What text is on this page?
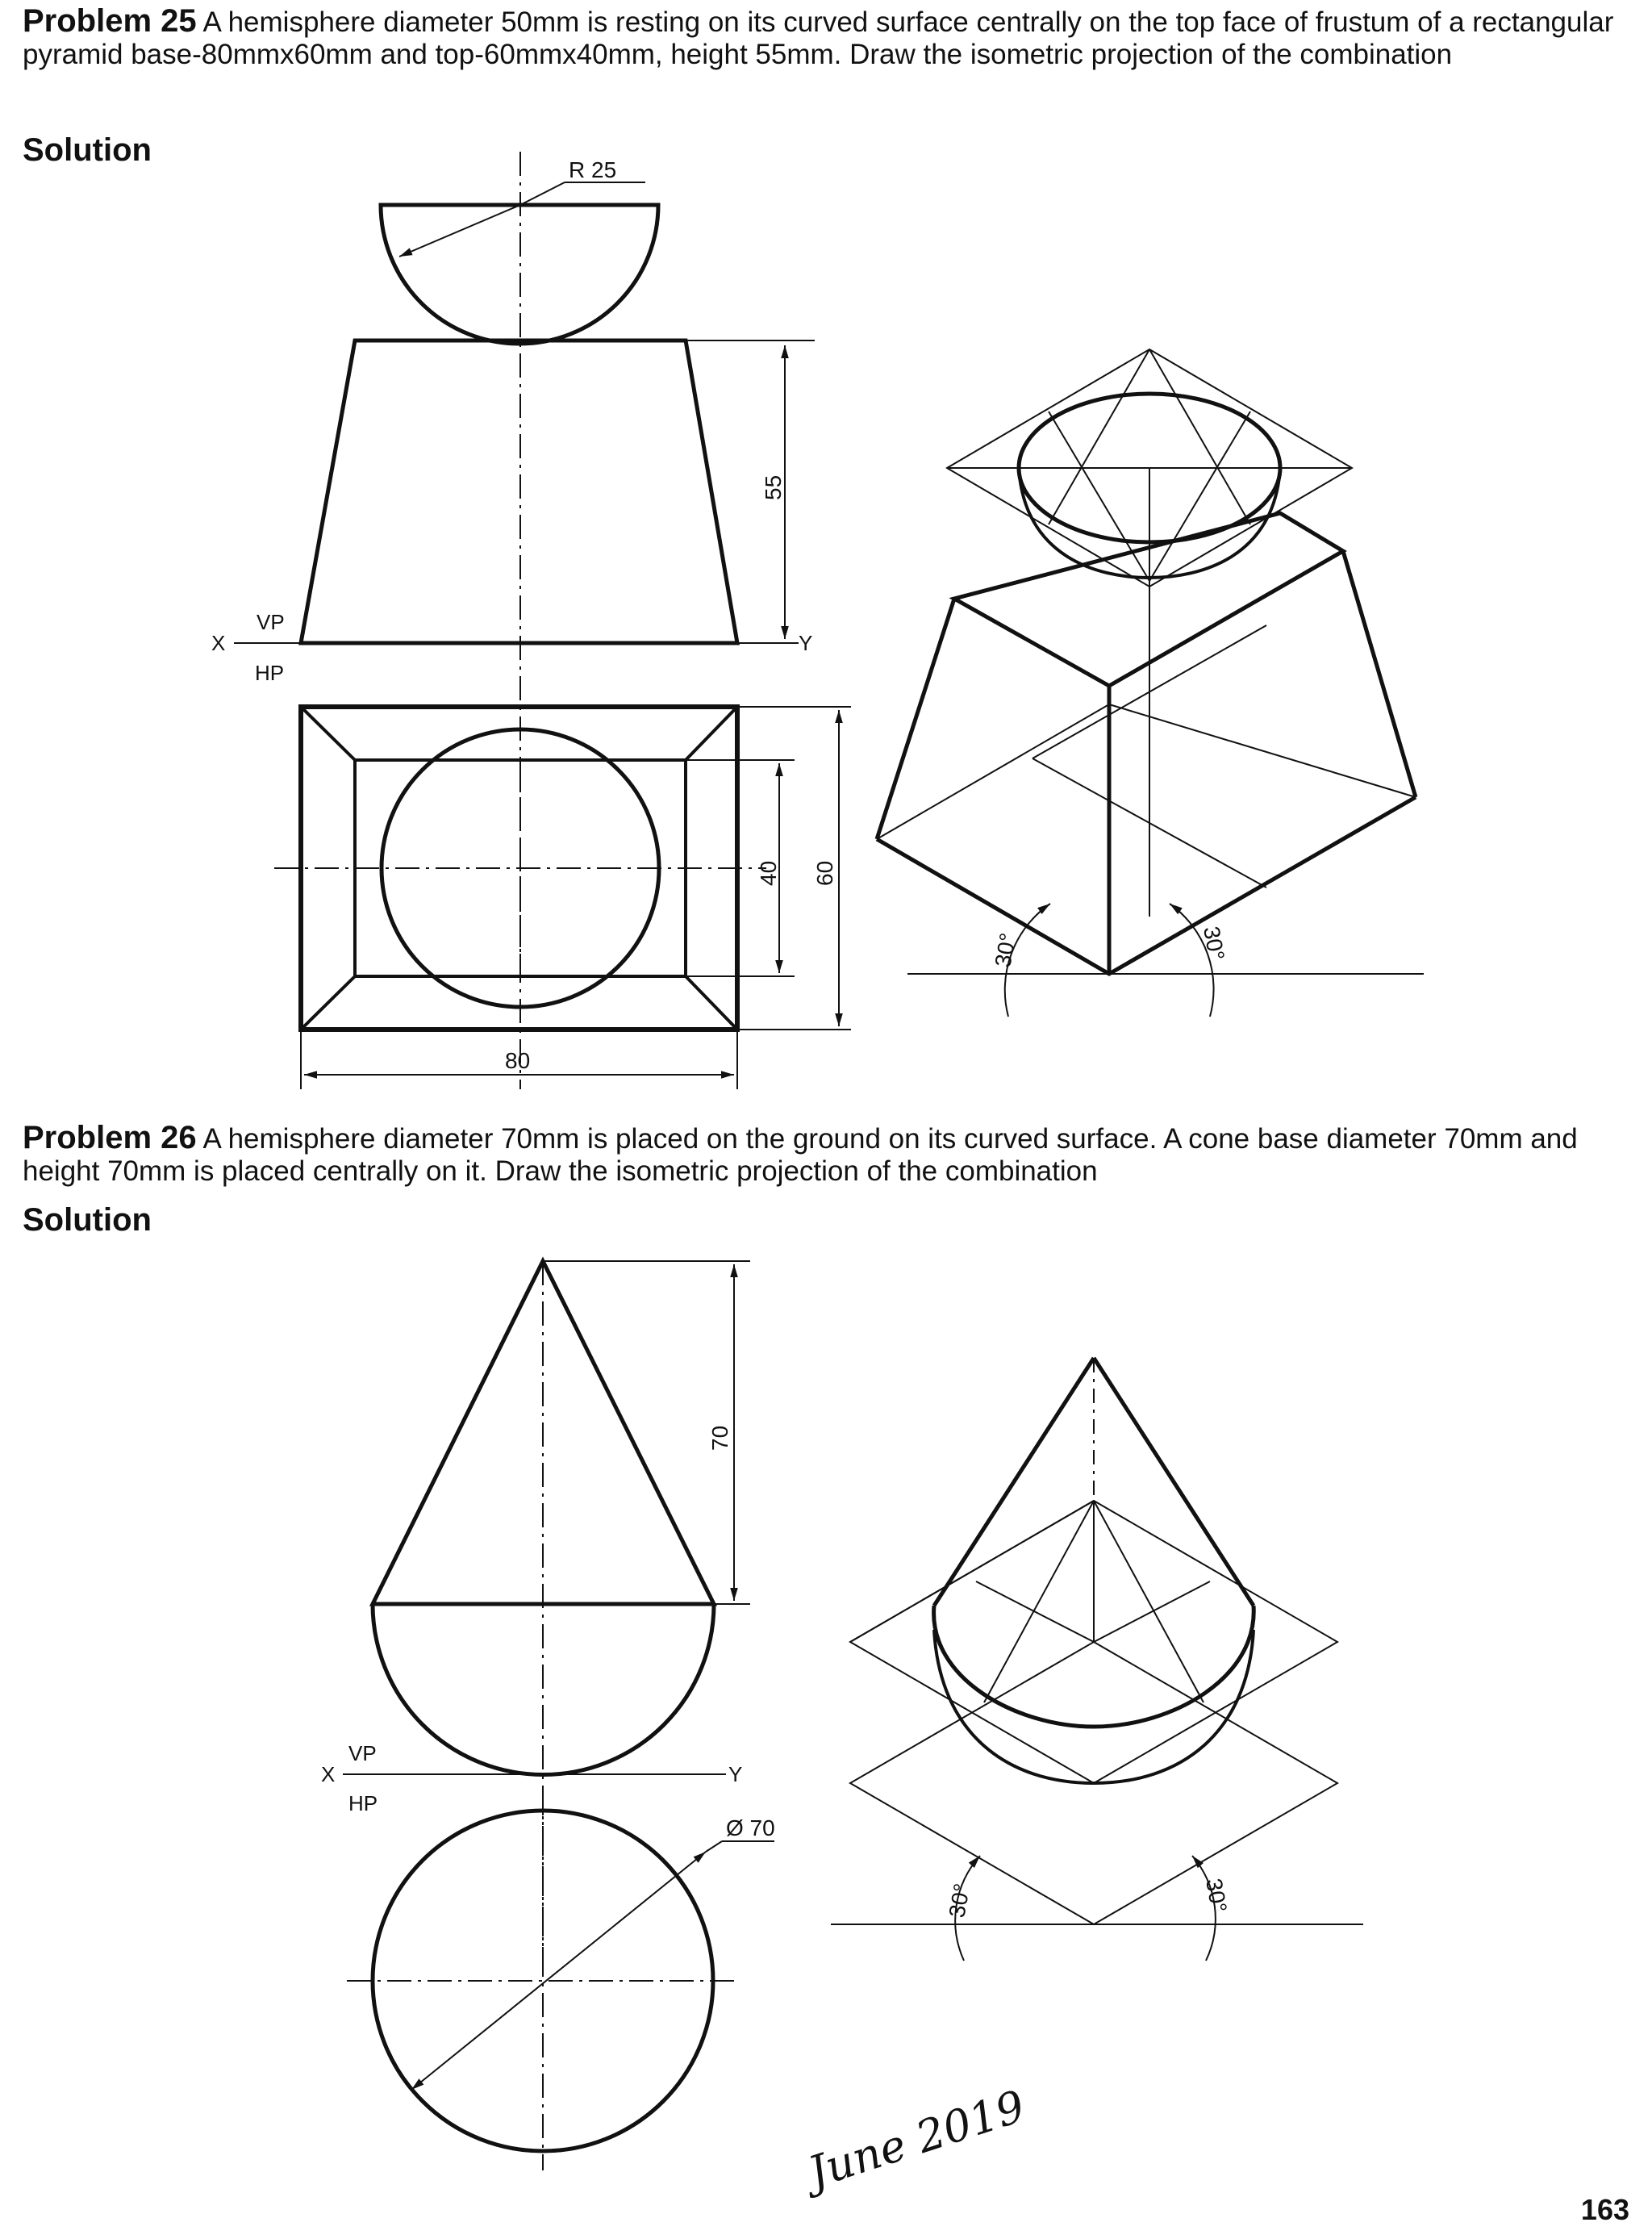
Problem 25 A hemisphere diameter 50mm is resting on its curved surface centrally on the top face of frustum of a rectangular pyramid base-80mmx60mm and top-60mmx40mm, height 55mm. Draw the isometric projection of the combination

Solution

Problem 26 A hemisphere diameter 70mm is placed on the ground on its curved surface. A cone base diameter 70mm and height 70mm is placed centrally on it. Draw the isometric projection of the combination

Solution
R 25
55
X
VP
HP
Y
40 60
80
30°	30°
70
X
VP
HP
Y
Ø 70
30°	30°
June 2019
163
